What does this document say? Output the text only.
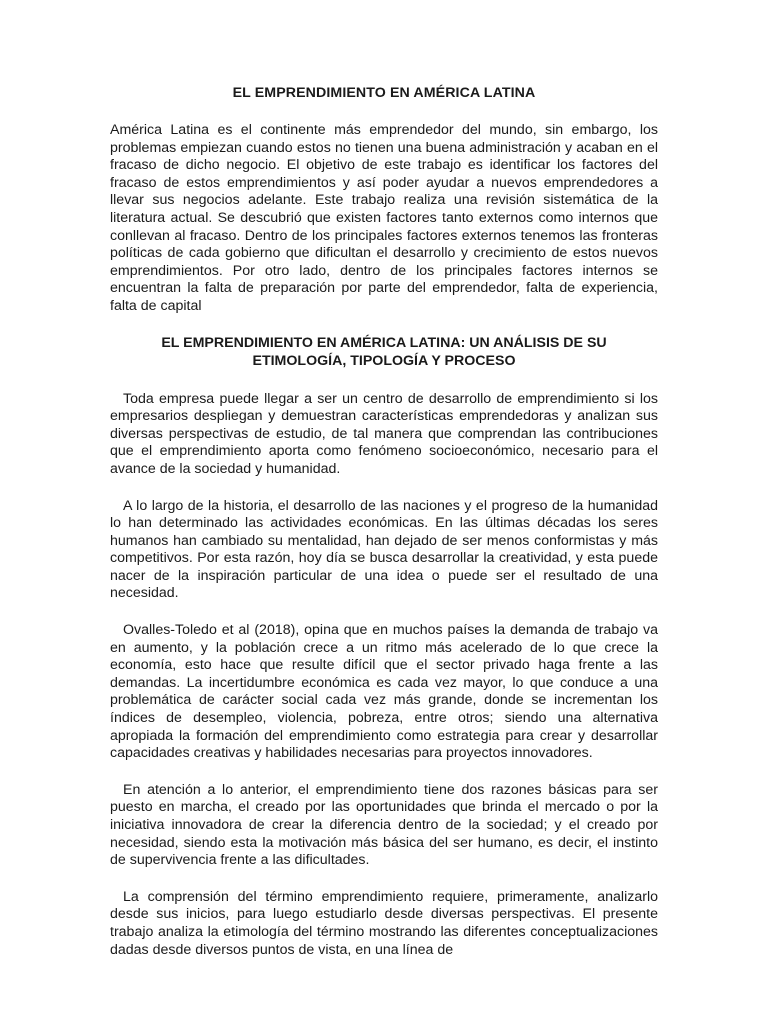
EL EMPRENDIMIENTO EN AMÉRICA LATINA

América Latina es el continente más emprendedor del mundo, sin embargo, los problemas empiezan cuando estos no tienen una buena administración y acaban en el fracaso de dicho negocio. El objetivo de este trabajo es identificar los factores del fracaso de estos emprendimientos y así poder ayudar a nuevos emprendedores a llevar sus negocios adelante. Este trabajo realiza una revisión sistemática de la literatura actual. Se descubrió que existen factores tanto externos como internos que conllevan al fracaso. Dentro de los principales factores externos tenemos las fronteras políticas de cada gobierno que dificultan el desarrollo y crecimiento de estos nuevos emprendimientos. Por otro lado, dentro de los principales factores internos se encuentran la falta de preparación por parte del emprendedor, falta de experiencia, falta de capital

EL EMPRENDIMIENTO EN AMÉRICA LATINA: UN ANÁLISIS DE SU ETIMOLOGÍA, TIPOLOGÍA Y PROCESO

Toda empresa puede llegar a ser un centro de desarrollo de emprendimiento si los empresarios despliegan y demuestran características emprendedoras y analizan sus diversas perspectivas de estudio, de tal manera que comprendan las contribuciones que el emprendimiento aporta como fenómeno socioeconómico, necesario para el avance de la sociedad y humanidad.

A lo largo de la historia, el desarrollo de las naciones y el progreso de la humanidad lo han determinado las actividades económicas. En las últimas décadas los seres humanos han cambiado su mentalidad, han dejado de ser menos conformistas y más competitivos. Por esta razón, hoy día se busca desarrollar la creatividad, y esta puede nacer de la inspiración particular de una idea o puede ser el resultado de una necesidad.

Ovalles-Toledo et al (2018), opina que en muchos países la demanda de trabajo va en aumento, y la población crece a un ritmo más acelerado de lo que crece la economía, esto hace que resulte difícil que el sector privado haga frente a las demandas. La incertidumbre económica es cada vez mayor, lo que conduce a una problemática de carácter social cada vez más grande, donde se incrementan los índices de desempleo, violencia, pobreza, entre otros; siendo una alternativa apropiada la formación del emprendimiento como estrategia para crear y desarrollar capacidades creativas y habilidades necesarias para proyectos innovadores.

En atención a lo anterior, el emprendimiento tiene dos razones básicas para ser puesto en marcha, el creado por las oportunidades que brinda el mercado o por la iniciativa innovadora de crear la diferencia dentro de la sociedad; y el creado por necesidad, siendo esta la motivación más básica del ser humano, es decir, el instinto de supervivencia frente a las dificultades.

La comprensión del término emprendimiento requiere, primeramente, analizarlo desde sus inicios, para luego estudiarlo desde diversas perspectivas. El presente trabajo analiza la etimología del término mostrando las diferentes conceptualizaciones dadas desde diversos puntos de vista, en una línea de
